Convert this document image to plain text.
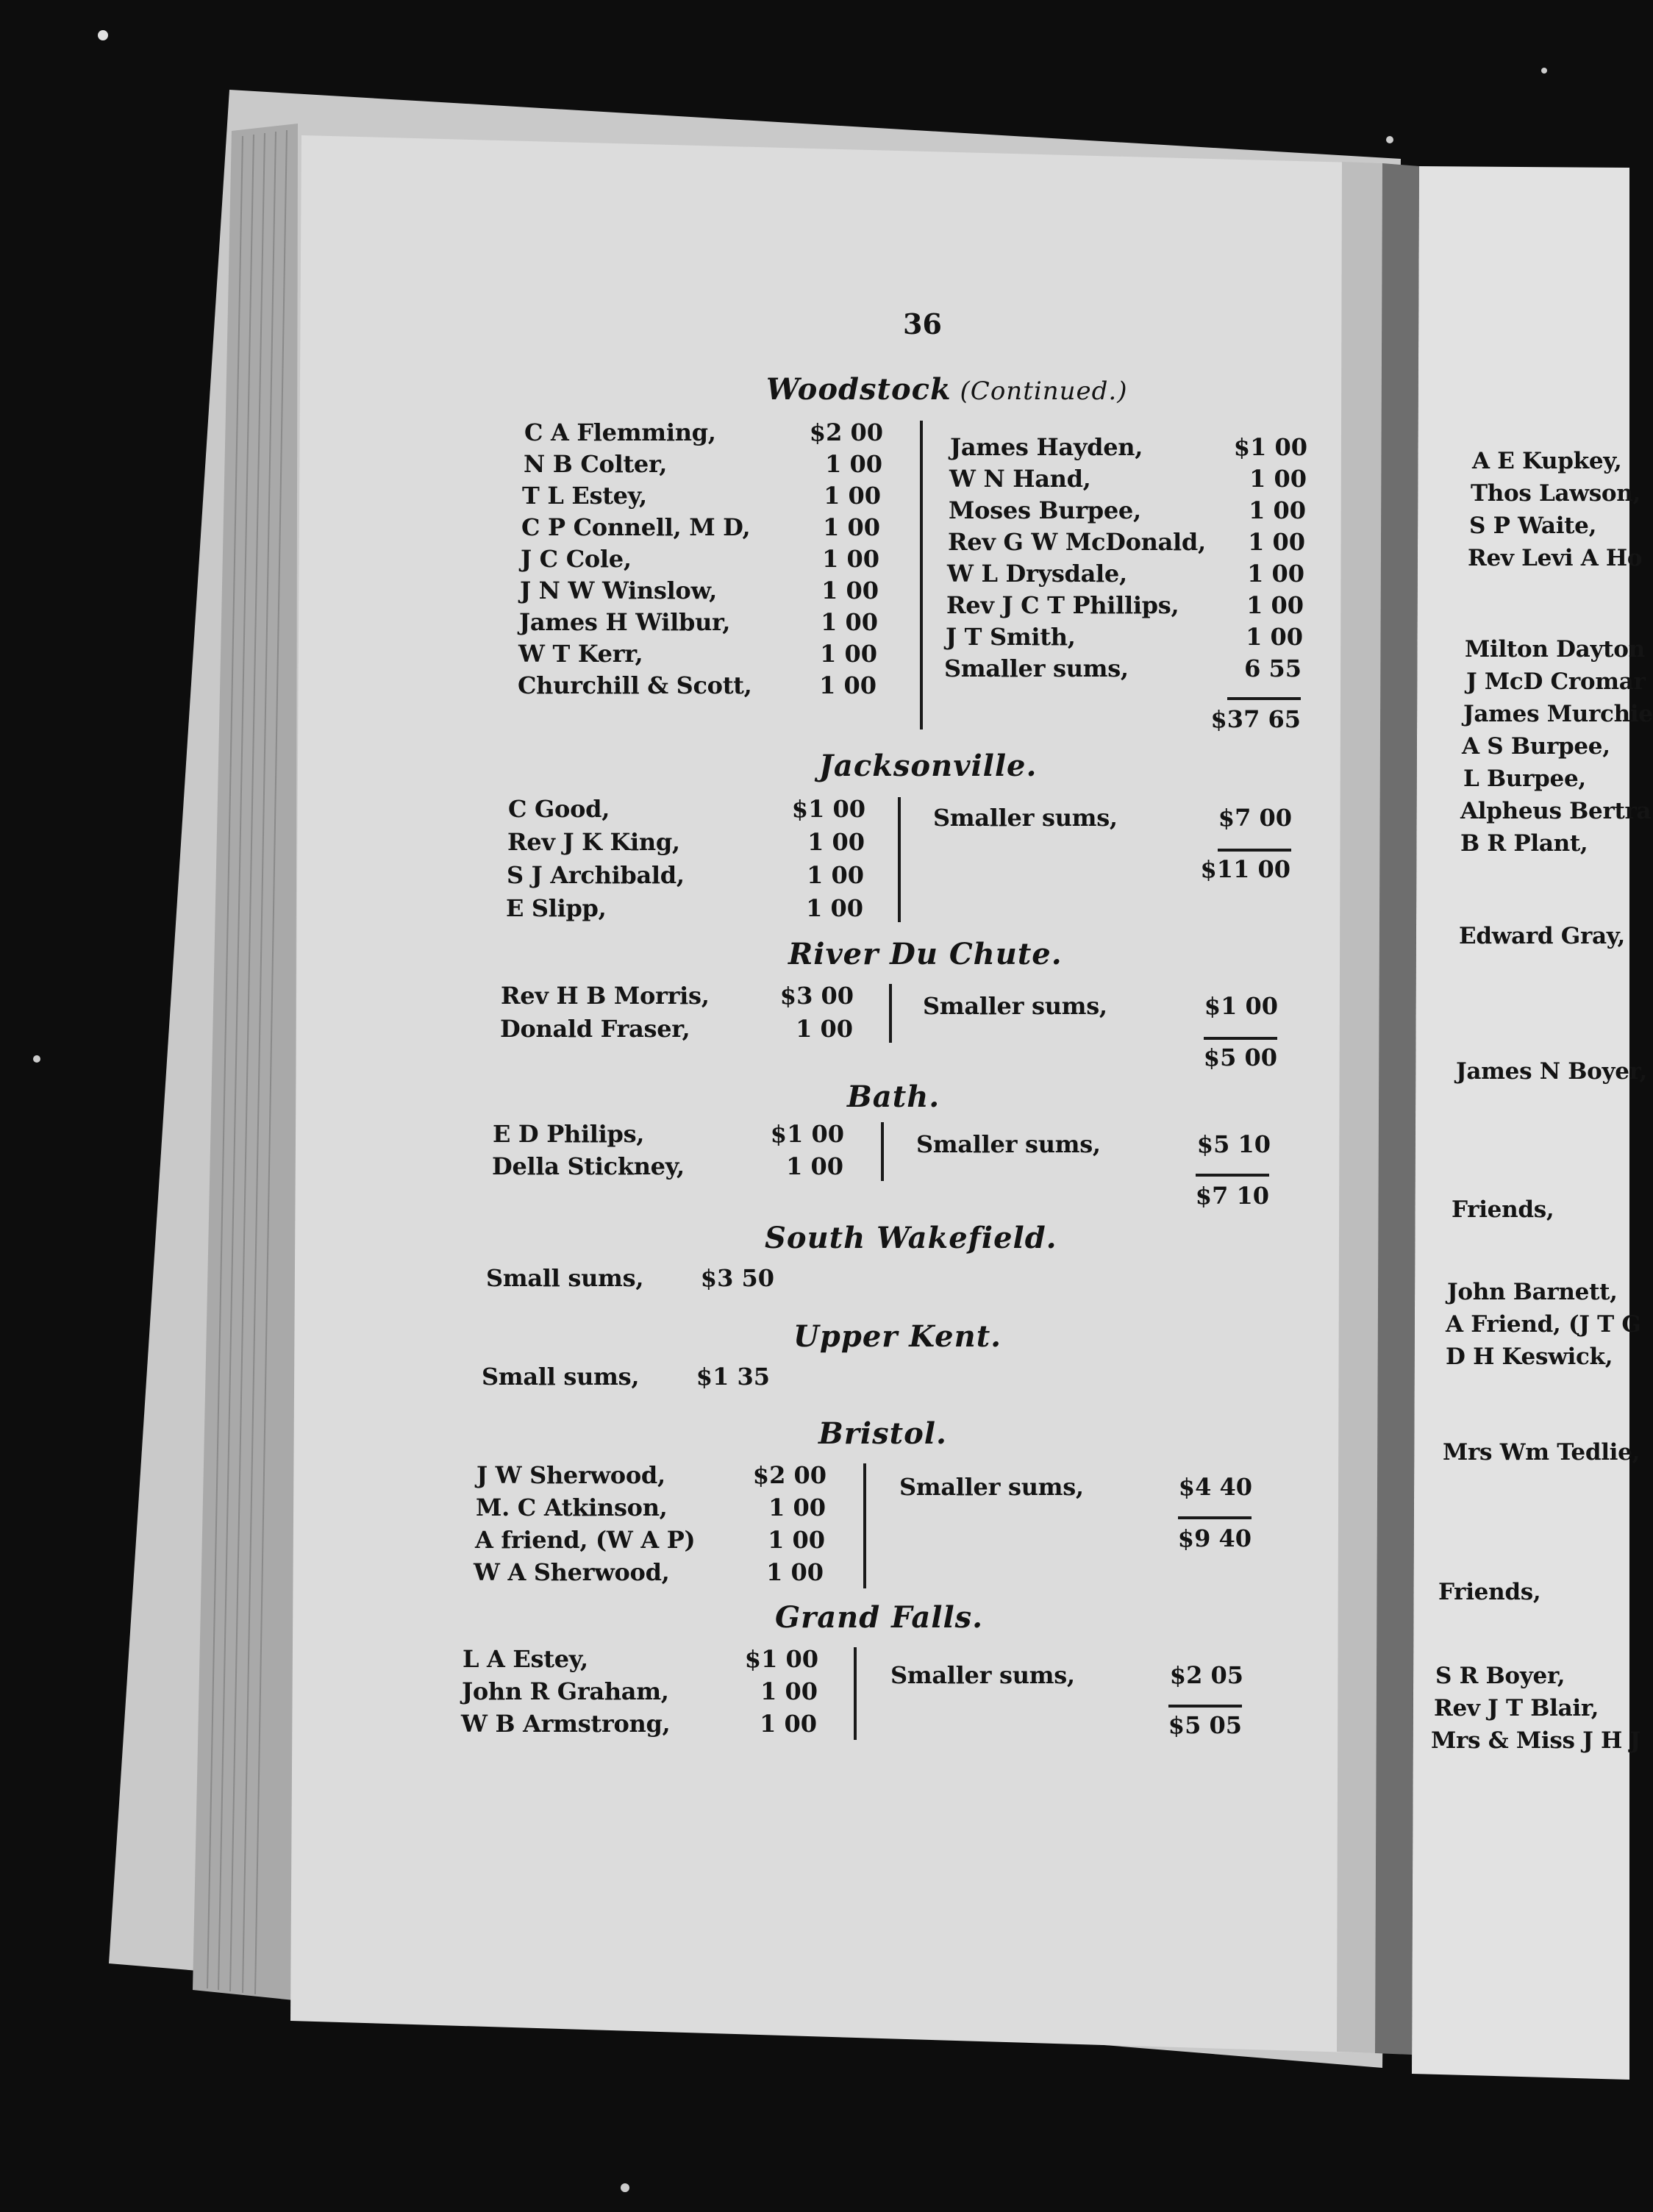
36
Woodstock (Continued.)
C A Flemming,	$2 00
N B Colter,	1 00
T L Estey,	1 00
C P Connell, M D,	1 00
J C Cole,	1 00
J N W Winslow,	1 00
James H Wilbur,	1 00
W T Kerr,	1 00
Churchill & Scott,	1 00
James Hayden,	$1 00
W N Hand,	1 00
Moses Burpee,	1 00
Rev G W McDonald, 1 00
W L Drysdale,	1 00
Rev J C T Phillips,	1 00
J T Smith,	1 00
Smaller sums,	6 55
$37 65
Jacksonville.
C Good,	$1 00
Rev J K King,	1 00
S J Archibald,	1 00
E Slipp,	1 00
Smaller sums,	$7 00
$11 00
River Du Chute.
Rev H B Morris,	$3 00
Donald Fraser,	1 00
Smaller sums,	$1 00
$5 00
Bath.
E D Philips,	$1 00
Della Stickney,	1 00
Smaller sums,	$5 10
$7 10
South Wakefield.
Small sums, $3 50
Upper Kent.
Small sums, $1 35
Bristol.
J W Sherwood,	$2 00
M. C Atkinson,	1 00
A friend, (W A P)	1 00
W A Sherwood,	1 00
Smaller sums,	$4 40
$9 40
Grand Falls.
L A Estey,	$1 00
John R Graham,	1 00
W B Armstrong,	1 00
Smaller sums,	$2 05
$5 05
A E Kupkey,
Thos Lawson,
S P Waite,
Rev Levi A Ho
Milton Dayton
J McD Cromar
James Murchie
A S Burpee,
L Burpee,
Alpheus Bertra
B R Plant,
Edward Gray,
James N Boyer,
Friends,
John Barnett,
A Friend, (J T G
D H Keswick,
Mrs Wm Tedlie,
Friends,
S R Boyer,
Rev J T Blair,
Mrs & Miss J H J
